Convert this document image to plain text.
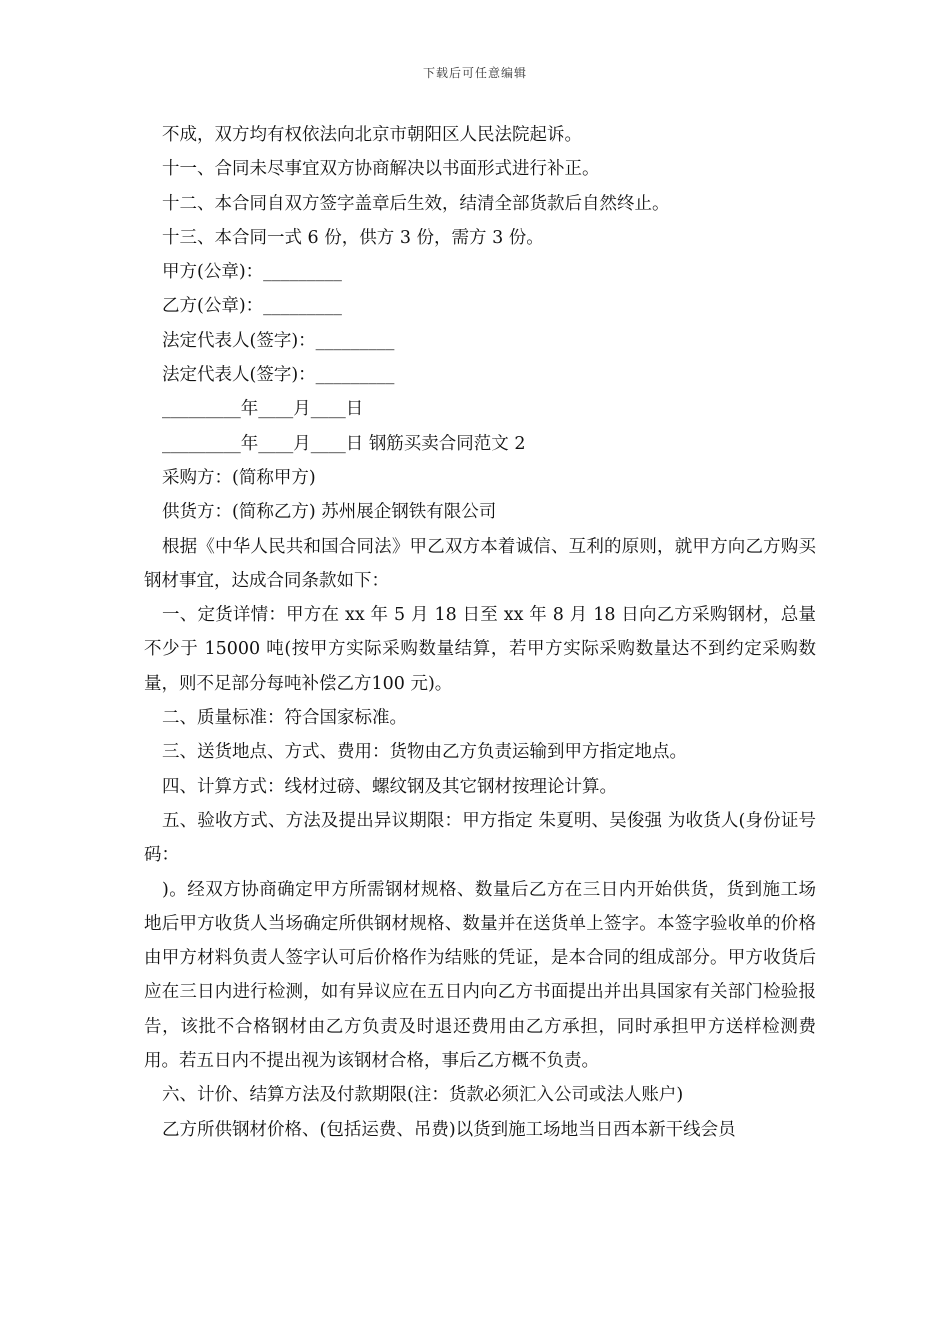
下载后可任意编辑

不成，双方均有权依法向北京市朝阳区人民法院起诉。

十一、合同未尽事宜双方协商解决以书面形式进行补正。

十二、本合同自双方签字盖章后生效，结清全部货款后自然终止。

十三、本合同一式 6 份，供方 3 份，需方 3 份。

甲方(公章)：_________

乙方(公章)：_________

法定代表人(签字)：_________

法定代表人(签字)：_________

_________年____月____日

_________年____月____日 钢筋买卖合同范文 2

采购方：(简称甲方)

供货方：(简称乙方) 苏州展企钢铁有限公司

根据《中华人民共和国合同法》甲乙双方本着诚信、互利的原则，就甲方向乙方购买钢材事宜，达成合同条款如下：

一、定货详情：甲方在 xx 年 5 月 18 日至 xx 年 8 月 18 日向乙方采购钢材，总量不少于 15000 吨(按甲方实际采购数量结算，若甲方实际采购数量达不到约定采购数量，则不足部分每吨补偿乙方100 元)。

二、质量标准：符合国家标准。

三、送货地点、方式、费用：货物由乙方负责运输到甲方指定地点。

四、计算方式：线材过磅、螺纹钢及其它钢材按理论计算。

五、验收方式、方法及提出异议期限：甲方指定 朱夏明、吴俊强 为收货人(身份证号码：

)。经双方协商确定甲方所需钢材规格、数量后乙方在三日内开始供货，货到施工场地后甲方收货人当场确定所供钢材规格、数量并在送货单上签字。本签字验收单的价格由甲方材料负责人签字认可后价格作为结账的凭证，是本合同的组成部分。甲方收货后应在三日内进行检测，如有异议应在五日内向乙方书面提出并出具国家有关部门检验报告，该批不合格钢材由乙方负责及时退还费用由乙方承担，同时承担甲方送样检测费用。若五日内不提出视为该钢材合格，事后乙方概不负责。

六、计价、结算方法及付款期限(注：货款必须汇入公司或法人账户)

乙方所供钢材价格、(包括运费、吊费)以货到施工场地当日西本新干线会员
